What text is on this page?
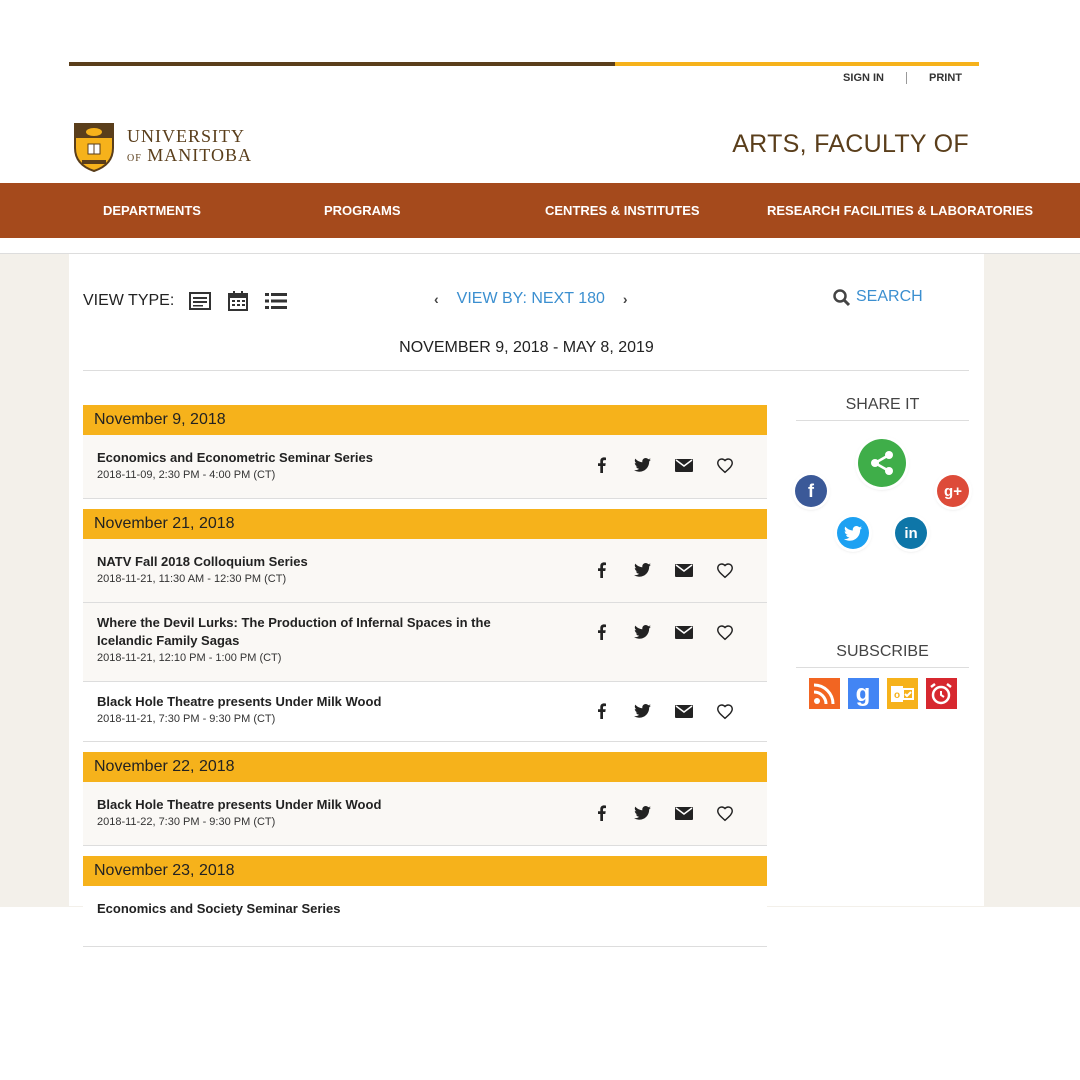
SIGN IN	PRINT
UNIVERSITY
OF MANITOBA	ARTS, FACULTY OF
DEPARTMENTS	PROGRAMS	CENTRES & INSTITUTES	RESEARCH FACILITIES & LABORATORIES
VIEW TYPE:	‹ VIEW BY: NEXT 180 ›	SEARCH
NOVEMBER 9, 2018 - MAY 8, 2019
November 9, 2018
Economics and Econometric Seminar Series
2018-11-09, 2:30 PM - 4:00 PM (CT)
November 21, 2018
NATV Fall 2018 Colloquium Series
2018-11-21, 11:30 AM - 12:30 PM (CT)
Where the Devil Lurks: The Production of Infernal Spaces in the Icelandic Family Sagas
2018-11-21, 12:10 PM - 1:00 PM (CT)
Black Hole Theatre presents Under Milk Wood
2018-11-21, 7:30 PM - 9:30 PM (CT)
November 22, 2018
Black Hole Theatre presents Under Milk Wood
2018-11-22, 7:30 PM - 9:30 PM (CT)
November 23, 2018
Economics and Society Seminar Series
SHARE IT
f	g+
in
SUBSCRIBE
g	o
